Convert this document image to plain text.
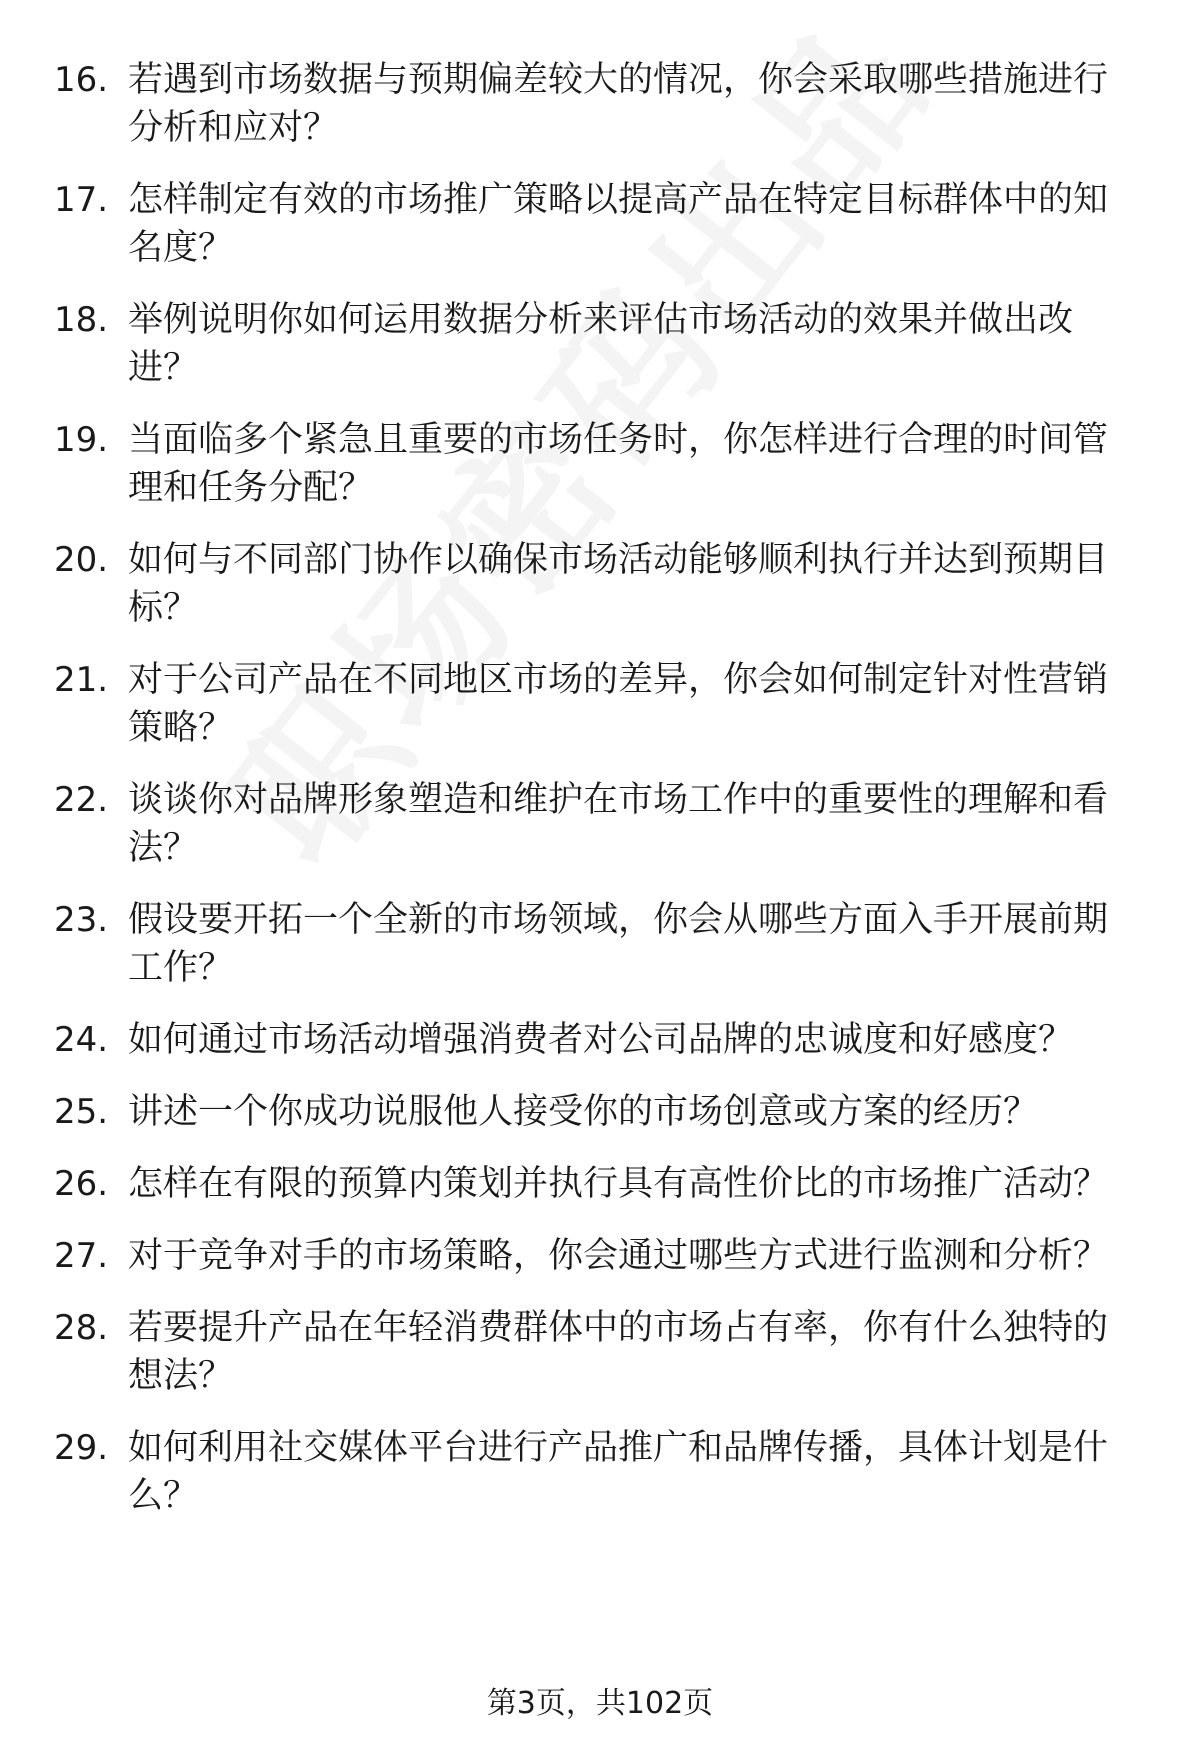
16. 若遇到市场数据与预期偏差较大的情况，你会采取哪些措施进行分析和应对？
17. 怎样制定有效的市场推广策略以提高产品在特定目标群体中的知名度？
18. 举例说明你如何运用数据分析来评估市场活动的效果并做出改进？
19. 当面临多个紧急且重要的市场任务时，你怎样进行合理的时间管理和任务分配？
20. 如何与不同部门协作以确保市场活动能够顺利执行并达到预期目标？
21. 对于公司产品在不同地区市场的差异，你会如何制定针对性营销策略？
22. 谈谈你对品牌形象塑造和维护在市场工作中的重要性的理解和看法？
23. 假设要开拓一个全新的市场领域，你会从哪些方面入手开展前期工作？
24. 如何通过市场活动增强消费者对公司品牌的忠诚度和好感度？
25. 讲述一个你成功说服他人接受你的市场创意或方案的经历？
26. 怎样在有限的预算内策划并执行具有高性价比的市场推广活动？
27. 对于竞争对手的市场策略，你会通过哪些方式进行监测和分析？
28. 若要提升产品在年轻消费群体中的市场占有率，你有什么独特的想法？
29. 如何利用社交媒体平台进行产品推广和品牌传播，具体计划是什么？
第3页，共102页
